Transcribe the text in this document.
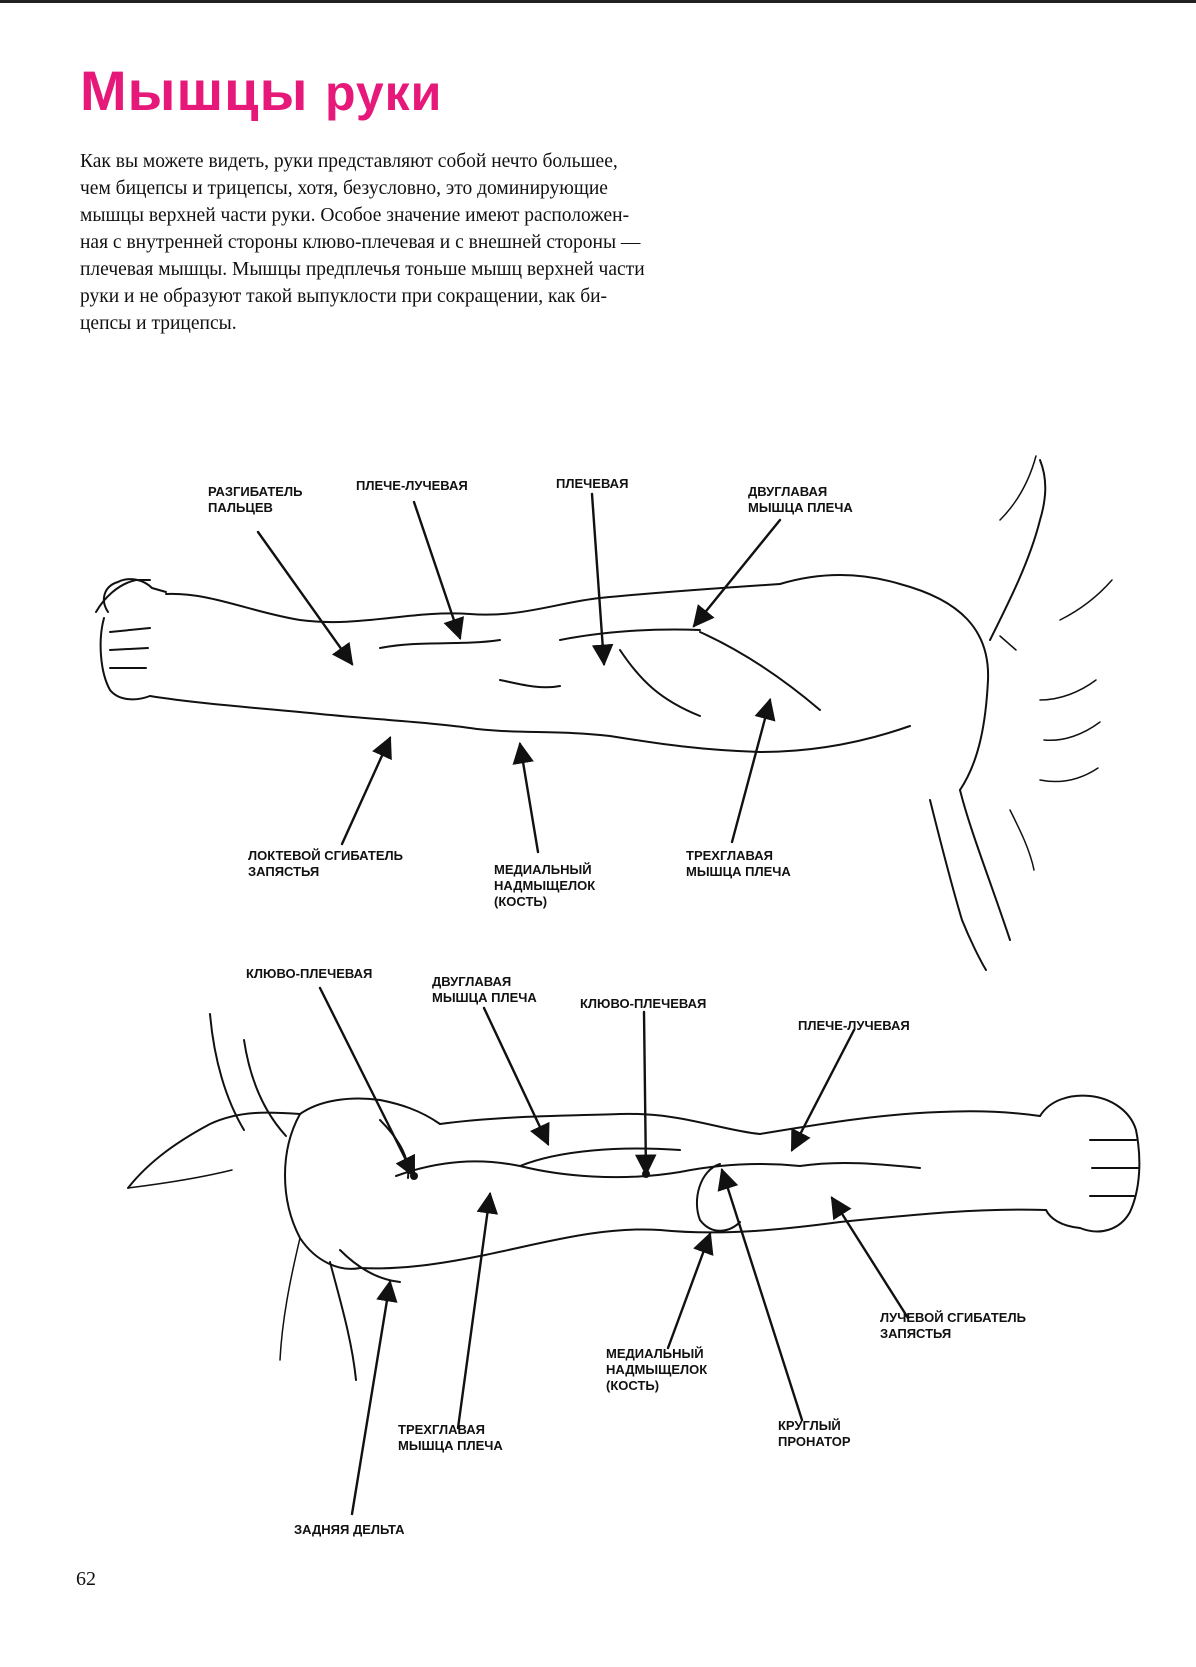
Мышцы руки

Как вы можете видеть, руки представляют собой нечто большее,

чем бицепсы и трицепсы, хотя, безусловно, это доминирующие

мышцы верхней части руки. Особое значение имеют расположен-

ная с внутренней стороны клюво-плечевая и с внешней стороны —

плечевая мышцы. Мышцы предплечья тоньше мышц верхней части

руки и не образуют такой выпуклости при сокращении, как би-

цепсы и трицепсы.

РАЗГИБАТЕЛЬ
ПАЛЬЦЕВ
ПЛЕЧЕ-ЛУЧЕВАЯ	ПЛЕЧЕВАЯ
ДВУГЛАВАЯ
МЫШЦА ПЛЕЧА
ЛОКТЕВОЙ СГИБАТЕЛЬ
ЗАПЯСТЬЯ	МЕДИАЛЬНЫЙ
НАДМЫЩЕЛОК
(КОСТЬ)
ТРЕХГЛАВАЯ
МЫШЦА ПЛЕЧА
КЛЮВО-ПЛЕЧЕВАЯ
ДВУГЛАВАЯ
МЫШЦА ПЛЕЧА	КЛЮВО-ПЛЕЧЕВАЯ
ПЛЕЧЕ-ЛУЧЕВАЯ
ЛУЧЕВОЙ СГИБАТЕЛЬ
ЗАПЯСТЬЯ
МЕДИАЛЬНЫЙ
НАДМЫЩЕЛОК
(КОСТЬ)
КРУГЛЫЙ
ПРОНАТОР
ТРЕХГЛАВАЯ
МЫШЦА ПЛЕЧА
ЗАДНЯЯ ДЕЛЬТА
62
